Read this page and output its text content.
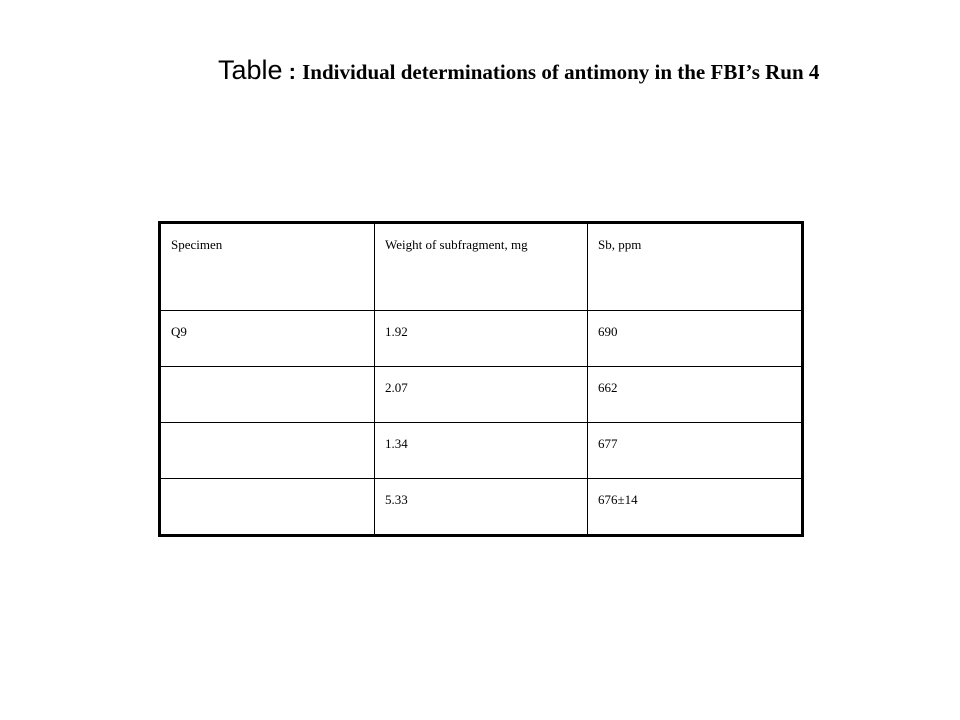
Table : Individual determinations of antimony in the FBI’s Run 4
Specimen	Weight of subfragment, mg	Sb, ppm
Q9	1.92	690
	2.07	662
	1.34	677
	5.33	676±14
